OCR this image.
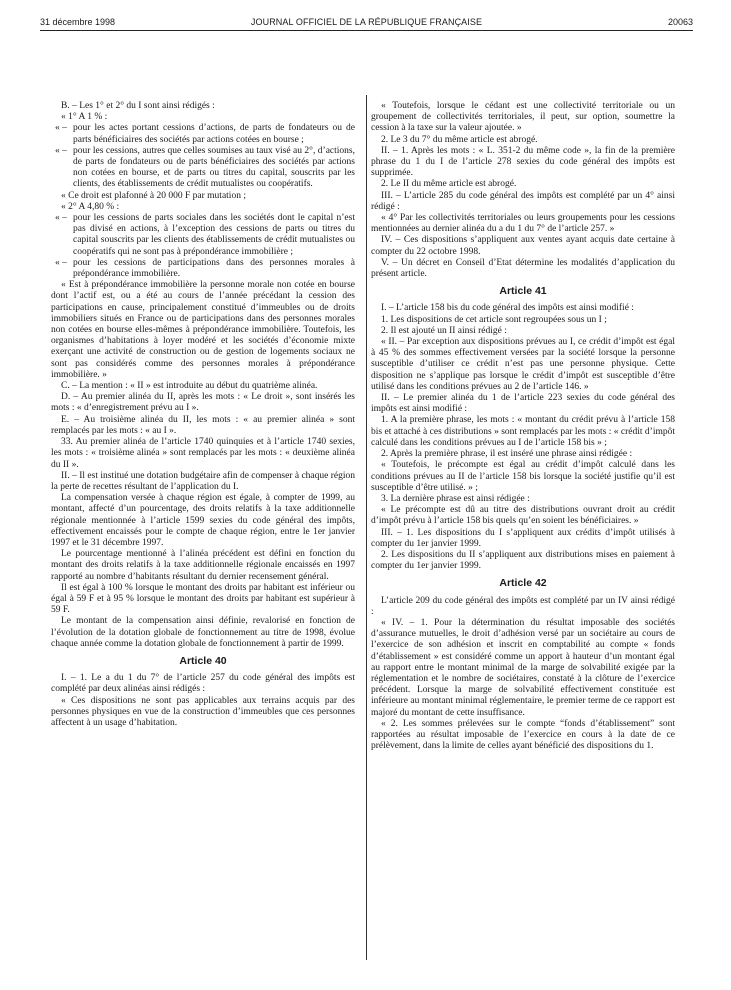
31 décembre 1998	JOURNAL OFFICIEL DE LA RÉPUBLIQUE FRANÇAISE	20063

B. – Les 1° et 2° du I sont ainsi rédigés :

« 1° A 1 % :

« – pour les actes portant cessions d’actions, de parts de fondateurs ou de parts bénéficiaires des sociétés par actions cotées en bourse ;

« – pour les cessions, autres que celles soumises au taux visé au 2°, d’actions, de parts de fondateurs ou de parts bénéficiaires des sociétés par actions non cotées en bourse, et de parts ou titres du capital, souscrits par les clients, des établissements de crédit mutualistes ou coopératifs.

« Ce droit est plafonné à 20 000 F par mutation ;

« 2° A 4,80 % :

« – pour les cessions de parts sociales dans les sociétés dont le capital n’est pas divisé en actions, à l’exception des cessions de parts ou titres du capital souscrits par les clients des établissements de crédit mutualistes ou coopératifs qui ne sont pas à prépondérance immobilière ;

« – pour les cessions de participations dans des personnes morales à prépondérance immobilière.

« Est à prépondérance immobilière la personne morale non cotée en bourse dont l’actif est, ou a été au cours de l’année précédant la cession des participations en cause, principalement constitué d’immeubles ou de droits immobiliers situés en France ou de participations dans des personnes morales non cotées en bourse elles-mêmes à prépondérance immobilière. Toutefois, les organismes d’habitations à loyer modéré et les sociétés d’économie mixte exerçant une activité de construction ou de gestion de logements sociaux ne sont pas considérés comme des personnes morales à prépondérance immobilière. »

C. – La mention : « II » est introduite au début du quatrième alinéa.

D. – Au premier alinéa du II, après les mots : « Le droit », sont insérés les mots : « d’enregistrement prévu au I ».

E. – Au troisième alinéa du II, les mots : « au premier alinéa » sont remplacés par les mots : « au I ».

33. Au premier alinéa de l’article 1740 quinquies et à l’article 1740 sexies, les mots : « troisième alinéa » sont remplacés par les mots : « deuxième alinéa du II ».

II. – Il est institué une dotation budgétaire afin de compenser à chaque région la perte de recettes résultant de l’application du I.

La compensation versée à chaque région est égale, à compter de 1999, au montant, affecté d’un pourcentage, des droits relatifs à la taxe additionnelle régionale mentionnée à l’article 1599 sexies du code général des impôts, effectivement encaissés pour le compte de chaque région, entre le 1er janvier 1997 et le 31 décembre 1997.

Le pourcentage mentionné à l’alinéa précédent est défini en fonction du montant des droits relatifs à la taxe additionnelle régionale encaissés en 1997 rapporté au nombre d’habitants résultant du dernier recensement général.

Il est égal à 100 % lorsque le montant des droits par habitant est inférieur ou égal à 59 F et à 95 % lorsque le montant des droits par habitant est supérieur à 59 F.

Le montant de la compensation ainsi définie, revalorisé en fonction de l’évolution de la dotation globale de fonctionnement au titre de 1998, évolue chaque année comme la dotation globale de fonctionnement à partir de 1999.

Article 40

I. – 1. Le a du 1 du 7° de l’article 257 du code général des impôts est complété par deux alinéas ainsi rédigés :

« Ces dispositions ne sont pas applicables aux terrains acquis par des personnes physiques en vue de la construction d’immeubles que ces personnes affectent à un usage d’habitation.

« Toutefois, lorsque le cédant est une collectivité territoriale ou un groupement de collectivités territoriales, il peut, sur option, soumettre la cession à la taxe sur la valeur ajoutée. »

2. Le 3 du 7° du même article est abrogé.

II. – 1. Après les mots : « L. 351-2 du même code », la fin de la première phrase du 1 du I de l’article 278 sexies du code général des impôts est supprimée.

2. Le II du même article est abrogé.

III. – L’article 285 du code général des impôts est complété par un 4° ainsi rédigé :

« 4° Par les collectivités territoriales ou leurs groupements pour les cessions mentionnées au dernier alinéa du a du 1 du 7° de l’article 257. »

IV. – Ces dispositions s’appliquent aux ventes ayant acquis date certaine à compter du 22 octobre 1998.

V. – Un décret en Conseil d’Etat détermine les modalités d’application du présent article.

Article 41

I. – L’article 158 bis du code général des impôts est ainsi modifié :

1. Les dispositions de cet article sont regroupées sous un I ;

2. Il est ajouté un II ainsi rédigé :

« II. – Par exception aux dispositions prévues au I, ce crédit d’impôt est égal à 45 % des sommes effectivement versées par la société lorsque la personne susceptible d’utiliser ce crédit n’est pas une personne physique. Cette disposition ne s’applique pas lorsque le crédit d’impôt est susceptible d’être utilisé dans les conditions prévues au 2 de l’article 146. »

II. – Le premier alinéa du 1 de l’article 223 sexies du code général des impôts est ainsi modifié :

1. A la première phrase, les mots : « montant du crédit prévu à l’article 158 bis et attaché à ces distributions » sont remplacés par les mots : « crédit d’impôt calculé dans les conditions prévues au I de l’article 158 bis » ;

2. Après la première phrase, il est inséré une phrase ainsi rédigée :

« Toutefois, le précompte est égal au crédit d’impôt calculé dans les conditions prévues au II de l’article 158 bis lorsque la société justifie qu’il est susceptible d’être utilisé. » ;

3. La dernière phrase est ainsi rédigée :

« Le précompte est dû au titre des distributions ouvrant droit au crédit d’impôt prévu à l’article 158 bis quels qu’en soient les bénéficiaires. »

III. – 1. Les dispositions du I s’appliquent aux crédits d’impôt utilisés à compter du 1er janvier 1999.

2. Les dispositions du II s’appliquent aux distributions mises en paiement à compter du 1er janvier 1999.

Article 42

L’article 209 du code général des impôts est complété par un IV ainsi rédigé :

« IV. – 1. Pour la détermination du résultat imposable des sociétés d’assurance mutuelles, le droit d’adhésion versé par un sociétaire au cours de l’exercice de son adhésion et inscrit en comptabilité au compte « fonds d’établissement » est considéré comme un apport à hauteur d’un montant égal au rapport entre le montant minimal de la marge de solvabilité exigée par la réglementation et le nombre de sociétaires, constaté à la clôture de l’exercice précédent. Lorsque la marge de solvabilité effectivement constituée est inférieure au montant minimal réglementaire, le premier terme de ce rapport est majoré du montant de cette insuffisance.

« 2. Les sommes prélevées sur le compte “fonds d’établissement” sont rapportées au résultat imposable de l’exercice en cours à la date de ce prélèvement, dans la limite de celles ayant bénéficié des dispositions du 1.
